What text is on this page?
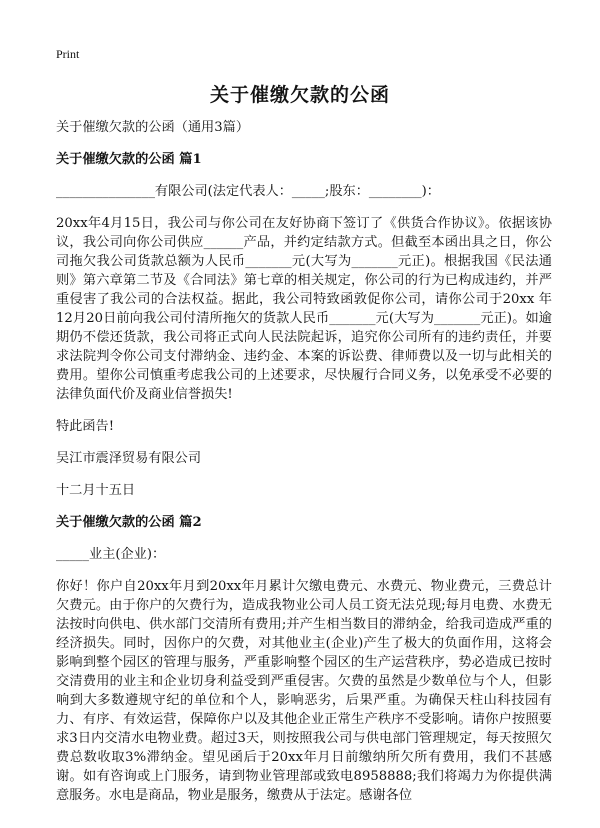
Print
关于催缴欠款的公函

关于催缴欠款的公函（通用3篇）

关于催缴欠款的公函 篇1

_______________有限公司(法定代表人：_____;股东：________)：

20xx年4月15日，我公司与你公司在友好协商下签订了《供货合作协议》。依据该协议，我公司向你公司供应______产品，并约定结款方式。但截至本函出具之日，你公司拖欠我公司货款总额为人民币_______元(大写为_______元正)。根据我国《民法通则》第六章第二节及《合同法》第七章的相关规定，你公司的行为已构成违约，并严重侵害了我公司的合法权益。据此，我公司特致函敦促你公司，请你公司于20xx 年12月20日前向我公司付清所拖欠的货款人民币_______元(大写为_______元正)。如逾期仍不偿还货款，我公司将正式向人民法院起诉，追究你公司所有的违约责任，并要求法院判令你公司支付滞纳金、违约金、本案的诉讼费、律师费以及一切与此相关的费用。望你公司慎重考虑我公司的上述要求，尽快履行合同义务，以免承受不必要的法律负面代价及商业信誉损失!

特此函告!

吴江市震泽贸易有限公司

十二月十五日

关于催缴欠款的公函 篇2

_____业主(企业)：

你好！你户自20xx年月到20xx年月累计欠缴电费元、水费元、物业费元，三费总计欠费元。由于你户的欠费行为，造成我物业公司人员工资无法兑现;每月电费、水费无法按时向供电、供水部门交清所有费用;并产生相当数目的滞纳金，给我司造成严重的经济损失。同时，因你户的欠费，对其他业主(企业)产生了极大的负面作用，这将会影响到整个园区的管理与服务，严重影响整个园区的生产运营秩序，势必造成已按时交清费用的业主和企业切身利益受到严重侵害。欠费的虽然是少数单位与个人，但影响到大多数遵规守纪的单位和个人，影响恶劣，后果严重。为确保天柱山科技园有力、有序、有效运营，保障你户以及其他企业正常生产秩序不受影响。请你户按照要求3日内交清水电物业费。超过3天，则按照我公司与供电部门管理规定，每天按照欠费总数收取3%滞纳金。望见函后于20xx年月日前缴纳所欠所有费用，我们不甚感谢。如有咨询或上门服务，请到物业管理部或致电8958888;我们将竭力为你提供满意服务。水电是商品，物业是服务，缴费从于法定。感谢各位
